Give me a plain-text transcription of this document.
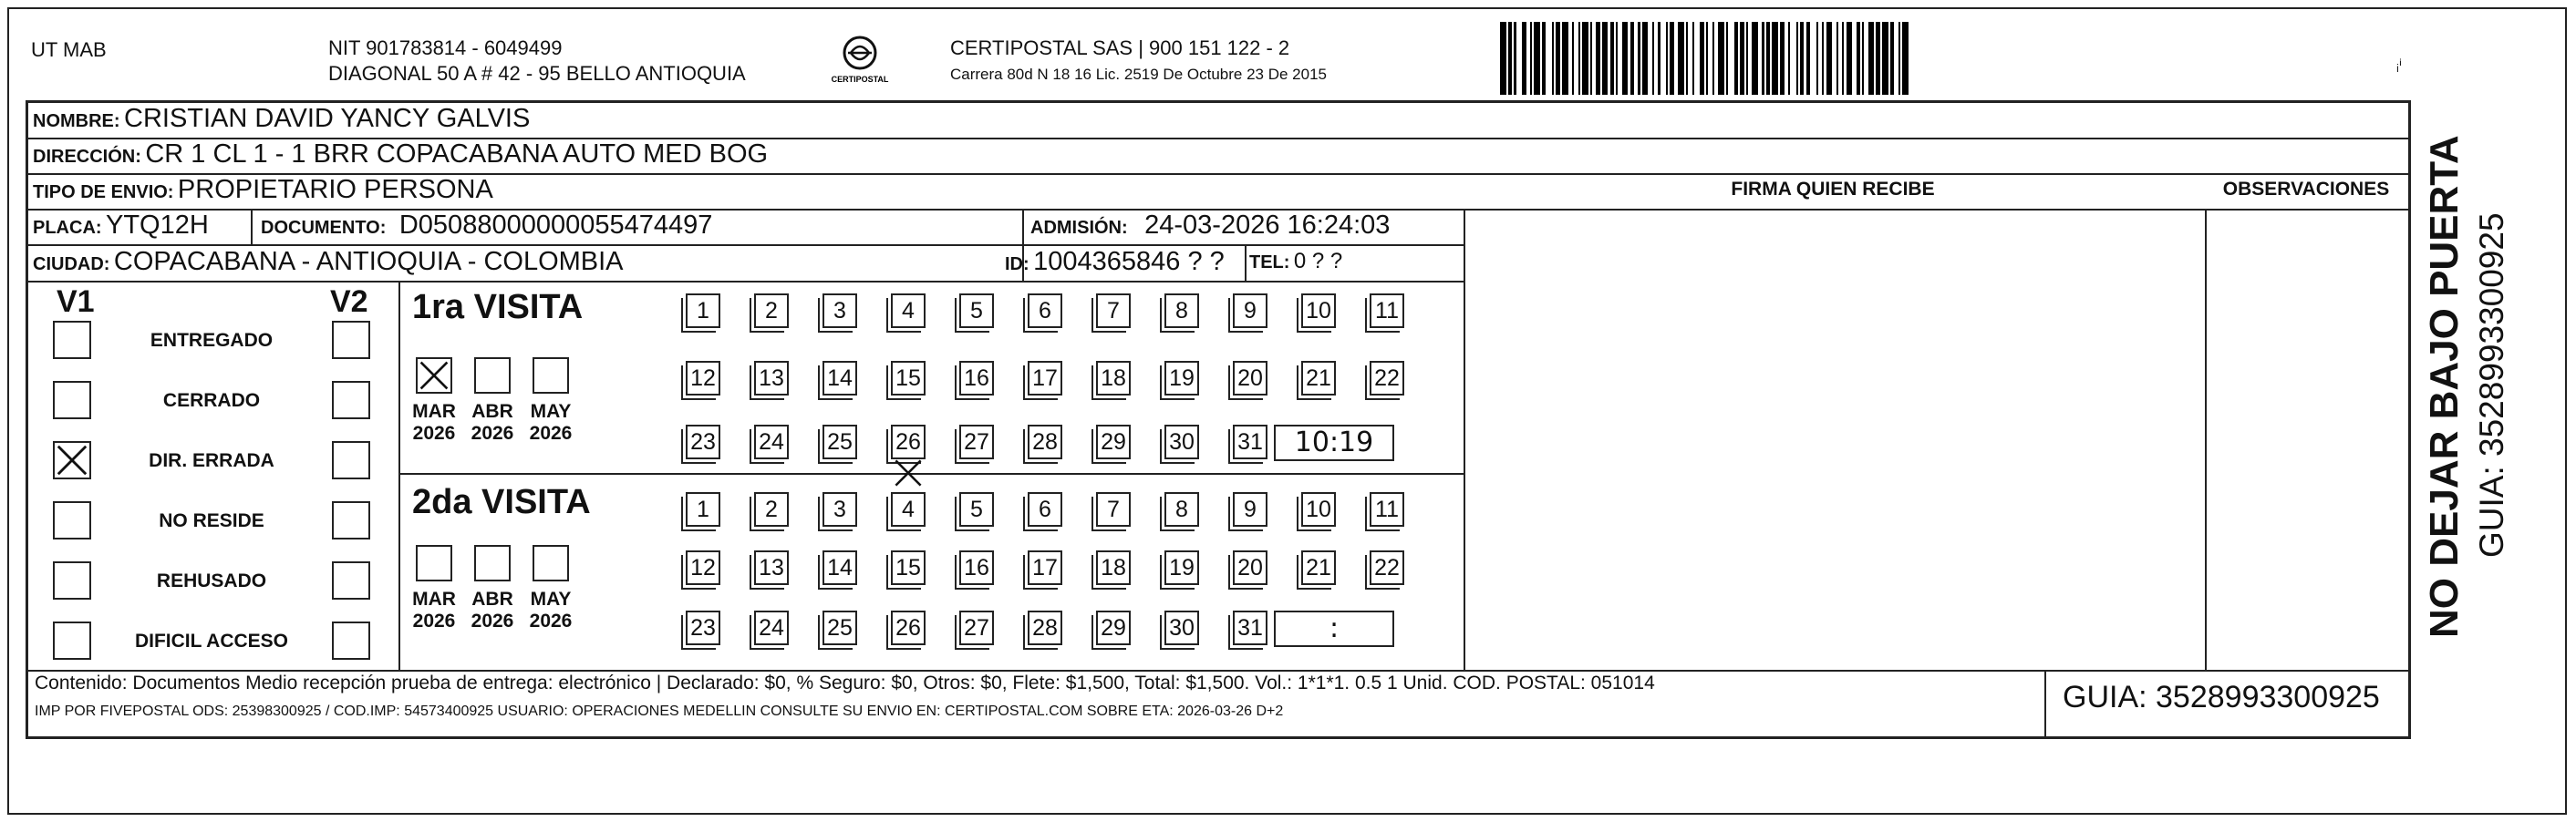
UT MAB	NIT 901783814 - 6049499
DIAGONAL 50 A # 42 - 95 BELLO ANTIOQUIA	CERTIPOSTAL
CERTIPOSTAL SAS | 900 151 122 - 2
Carrera 80d N 18 16 Lic. 2519 De Octubre 23 De 2015	ᵢⁱ
NOMBRE: CRISTIAN DAVID YANCY GALVIS
DIRECCIÓN: CR 1 CL 1 - 1 BRR COPACABANA AUTO MED BOG
TIPO DE ENVIO: PROPIETARIO PERSONA
PLACA: YTQ12H	DOCUMENTO: D05088000000055474497	ADMISIÓN: 24-03-2026 16:24:03
CIUDAD: COPACABANA - ANTIOQUIA - COLOMBIA	ID: 1004365846 ? ? TEL: 0 ? ?
FIRMA QUIEN RECIBE	OBSERVACIONES
V1	V2
ENTREGADO
CERRADO
DIR. ERRADA
NO RESIDE
REHUSADO
DIFICIL ACCESO
1ra VISITA
MAR
2026
ABR
2026
MAY
2026
1	2	3	4	5	6	7	8	9	10 11
12 13 14 15 16 17 18 19 20 21 22
23 24 25 26 27 28 29 30 31	10:19
2da VISITA
MAR
2026
ABR
2026
MAY
2026
1	2	3	4	5	6	7	8	9	10 11
12 13 14 15 16 17 18 19 20 21 22
23 24 25 26 27 28 29 30 31	:
Contenido: Documentos Medio recepción prueba de entrega: electrónico | Declarado: $0, % Seguro: $0, Otros: $0, Flete: $1,500, Total: $1,500. Vol.: 1*1*1. 0.5 1 Unid. COD. POSTAL: 051014
IMP POR FIVEPOSTAL ODS: 25398300925 / COD.IMP: 54573400925 USUARIO: OPERACIONES MEDELLIN CONSULTE SU ENVIO EN: CERTIPOSTAL.COM SOBRE ETA: 2026-03-26 D+2	GUIA: 3528993300925
NO DEJAR BAJO PUERTA GUIA: 3528993300925
